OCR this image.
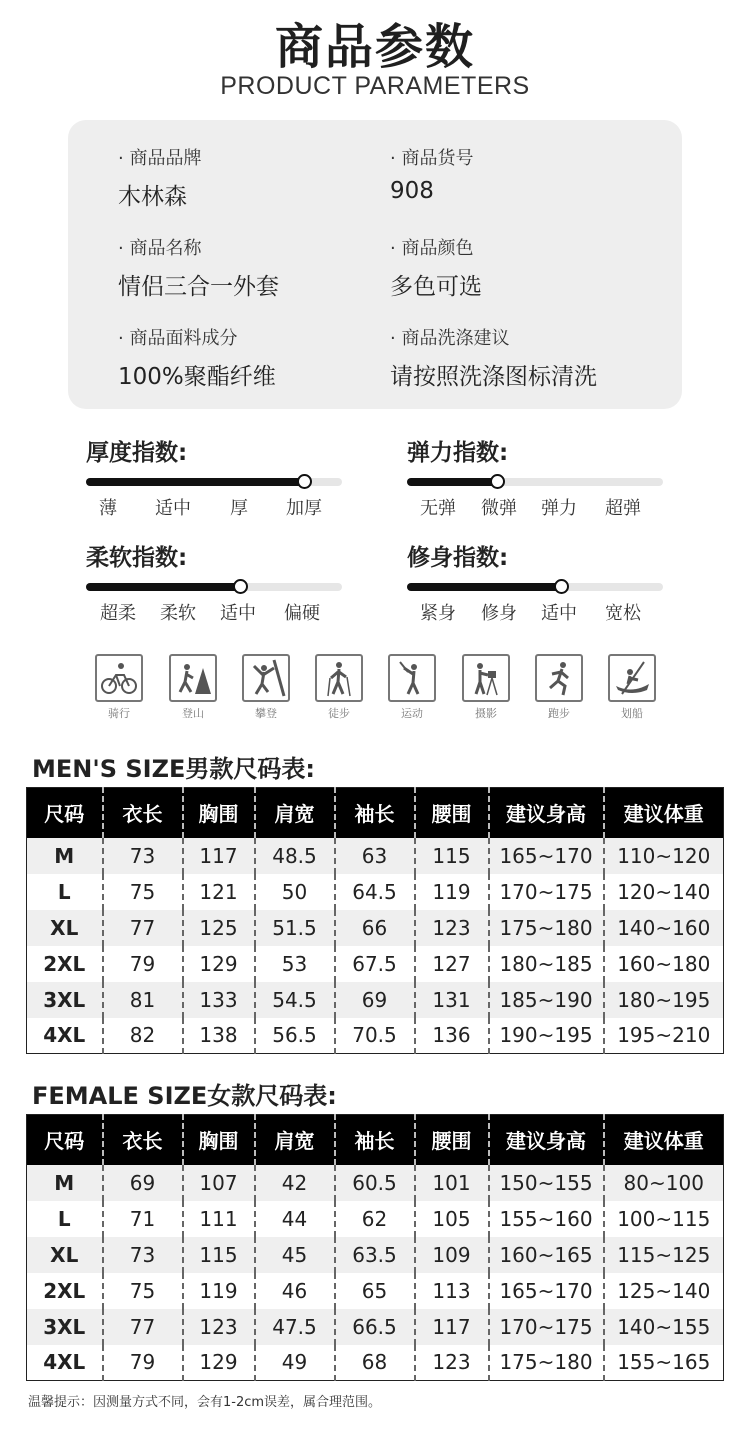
商品参数
PRODUCT PARAMETERS
· 商品品牌
木林森
· 商品货号
908
· 商品名称
情侣三合一外套
· 商品颜色
多色可选
· 商品面料成分
100%聚酯纤维
· 商品洗涤建议
请按照洗涤图标清洗
厚度指数:
薄 适中 厚 加厚
弹力指数:
无弹 微弹 弹力 超弹
柔软指数:
超柔 柔软 适中 偏硬
修身指数:
紧身 修身 适中 宽松
骑行	登山	攀登	徒步	运动	摄影	跑步	划船
MEN'S SIZE男款尺码表:
尺码	衣长	胸围	肩宽	袖长	腰围	建议身高	建议体重
M	73	117	48.5	63	115	165~170	110~120
L	75	121	50	64.5	119	170~175	120~140
XL	77	125	51.5	66	123	175~180	140~160
2XL	79	129	53	67.5	127	180~185	160~180
3XL	81	133	54.5	69	131	185~190	180~195
4XL	82	138	56.5	70.5	136	190~195	195~210
FEMALE SIZE女款尺码表:
尺码	衣长	胸围	肩宽	袖长	腰围	建议身高	建议体重
M	69	107	42	60.5	101	150~155	80~100
L	71	111	44	62	105	155~160	100~115
XL	73	115	45	63.5	109	160~165	115~125
2XL	75	119	46	65	113	165~170	125~140
3XL	77	123	47.5	66.5	117	170~175	140~155
4XL	79	129	49	68	123	175~180	155~165
温馨提示：因测量方式不同，会有1-2cm误差，属合理范围。
